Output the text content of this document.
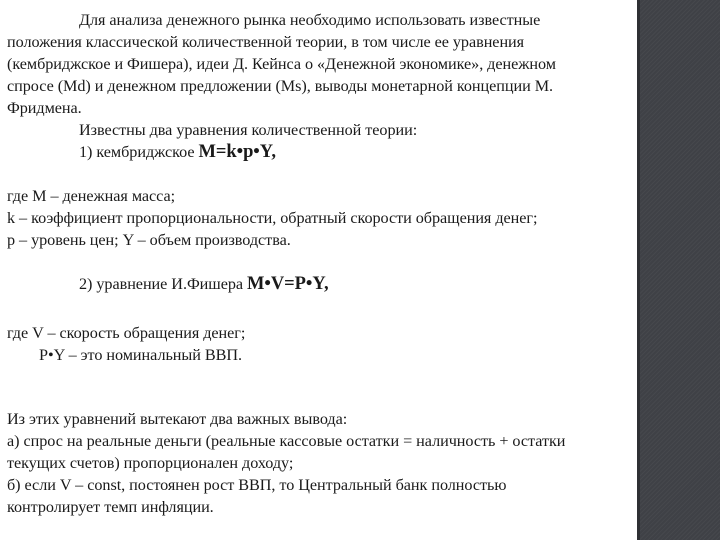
Для анализа денежного рынка необходимо использовать известные
положения классической количественной теории, в том числе ее уравнения
(кембриджское и Фишера), идеи Д. Кейнса о «Денежной экономике», денежном
спросе (Md) и денежном предложении (Ms), выводы монетарной концепции М.
Фридмена.
Известны два уравнения количественной теории:
1) кембриджское M=k•p•Y,
где M – денежная масса;
k – коэффициент пропорциональности, обратный скорости обращения денег;
p – уровень цен; Y – объем производства.
2) уравнение И.Фишера M•V=P•Y,
где V – скорость обращения денег;
P•Y – это номинальный ВВП.
Из этих уравнений вытекают два важных вывода:
а) спрос на реальные деньги (реальные кассовые остатки = наличность + остатки
текущих счетов) пропорционален доходу;
б) если V – const, постоянен рост ВВП, то Центральный банк полностью
контролирует темп инфляции.
